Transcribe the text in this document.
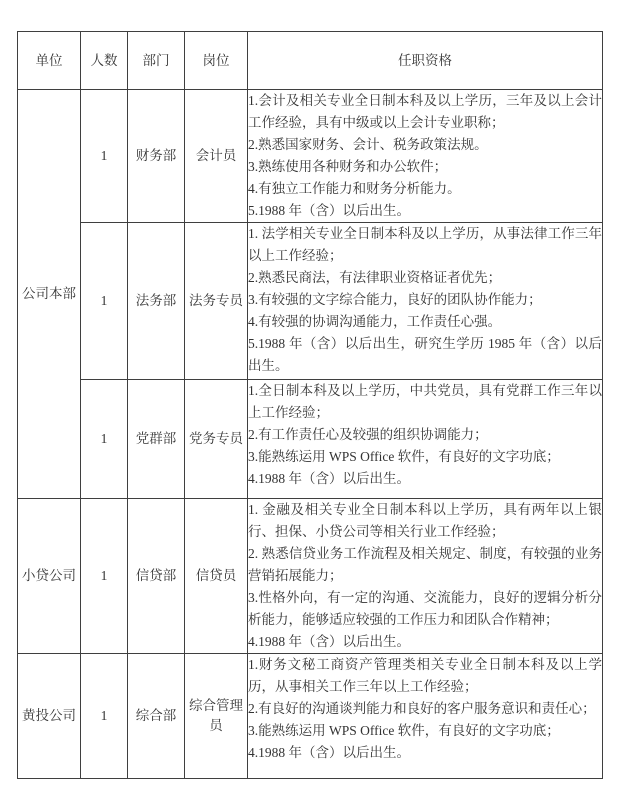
单位	人数	部门	岗位	任职资格
公司本部	1	财务部	会计员	1.会计及相关专业全日制本科及以上学历，三年及以上会计工作经验，具有中级或以上会计专业职称；
2.熟悉国家财务、会计、税务政策法规。
3.熟练使用各种财务和办公软件；
4.有独立工作能力和财务分析能力。
5.1988 年（含）以后出生。

	1	法务部	法务专员	1. 法学相关专业全日制本科及以上学历，从事法律工作三年以上工作经验；
2.熟悉民商法，有法律职业资格证者优先；
3.有较强的文字综合能力，良好的团队协作能力；
4.有较强的协调沟通能力，工作责任心强。
5.1988 年（含）以后出生，研究生学历 1985 年（含）以后出生。

	1	党群部	党务专员	1.全日制本科及以上学历，中共党员，具有党群工作三年以上工作经验；
2.有工作责任心及较强的组织协调能力；
3.能熟练运用 WPS Office 软件，有良好的文字功底；
4.1988 年（含）以后出生。

小贷公司	1	信贷部	信贷员	1. 金融及相关专业全日制本科以上学历，具有两年以上银行、担保、小贷公司等相关行业工作经验；
2. 熟悉信贷业务工作流程及相关规定、制度，有较强的业务营销拓展能力；
3.性格外向，有一定的沟通、交流能力，良好的逻辑分析分析能力，能够适应较强的工作压力和团队合作精神；
4.1988 年（含）以后出生。

黄投公司	1	综合部	综合管理员	1.财务文秘工商资产管理类相关专业全日制本科及以上学历，从事相关工作三年以上工作经验；
2.有良好的沟通谈判能力和良好的客户服务意识和责任心；
3.能熟练运用 WPS Office 软件，有良好的文字功底；
4.1988 年（含）以后出生。
